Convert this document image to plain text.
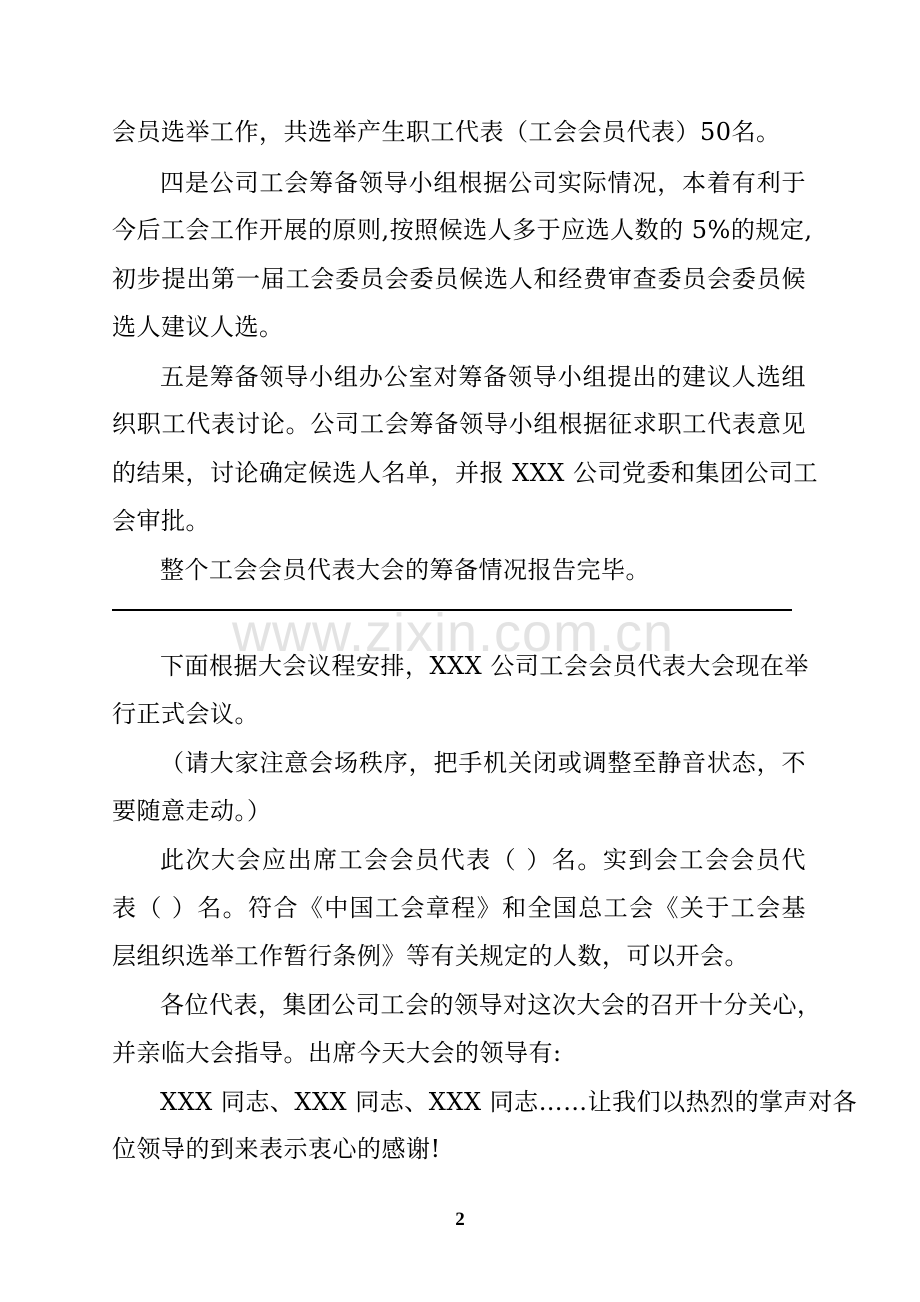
会员选举工作，共选举产生职工代表（工会会员代表）50名。
四是公司工会筹备领导小组根据公司实际情况，本着有利于
今后工会工作开展的原则,按照候选人多于应选人数的 5%的规定,
初步提出第一届工会委员会委员候选人和经费审查委员会委员候
选人建议人选。
五是筹备领导小组办公室对筹备领导小组提出的建议人选组
织职工代表讨论。公司工会筹备领导小组根据征求职工代表意见
的结果，讨论确定候选人名单，并报 XXX 公司党委和集团公司工
会审批。
整个工会会员代表大会的筹备情况报告完毕。
www.zixin.com.cn
下面根据大会议程安排，XXX 公司工会会员代表大会现在举
行正式会议。
（请大家注意会场秩序，把手机关闭或调整至静音状态，不
要随意走动。）
此次大会应出席工会会员代表（ ）名。实到会工会会员代
表（ ）名。符合《中国工会章程》和全国总工会《关于工会基
层组织选举工作暂行条例》等有关规定的人数，可以开会。
各位代表，集团公司工会的领导对这次大会的召开十分关心，
并亲临大会指导。出席今天大会的领导有:
XXX 同志、XXX 同志、XXX 同志……让我们以热烈的掌声对各
位领导的到来表示衷心的感谢!
2
